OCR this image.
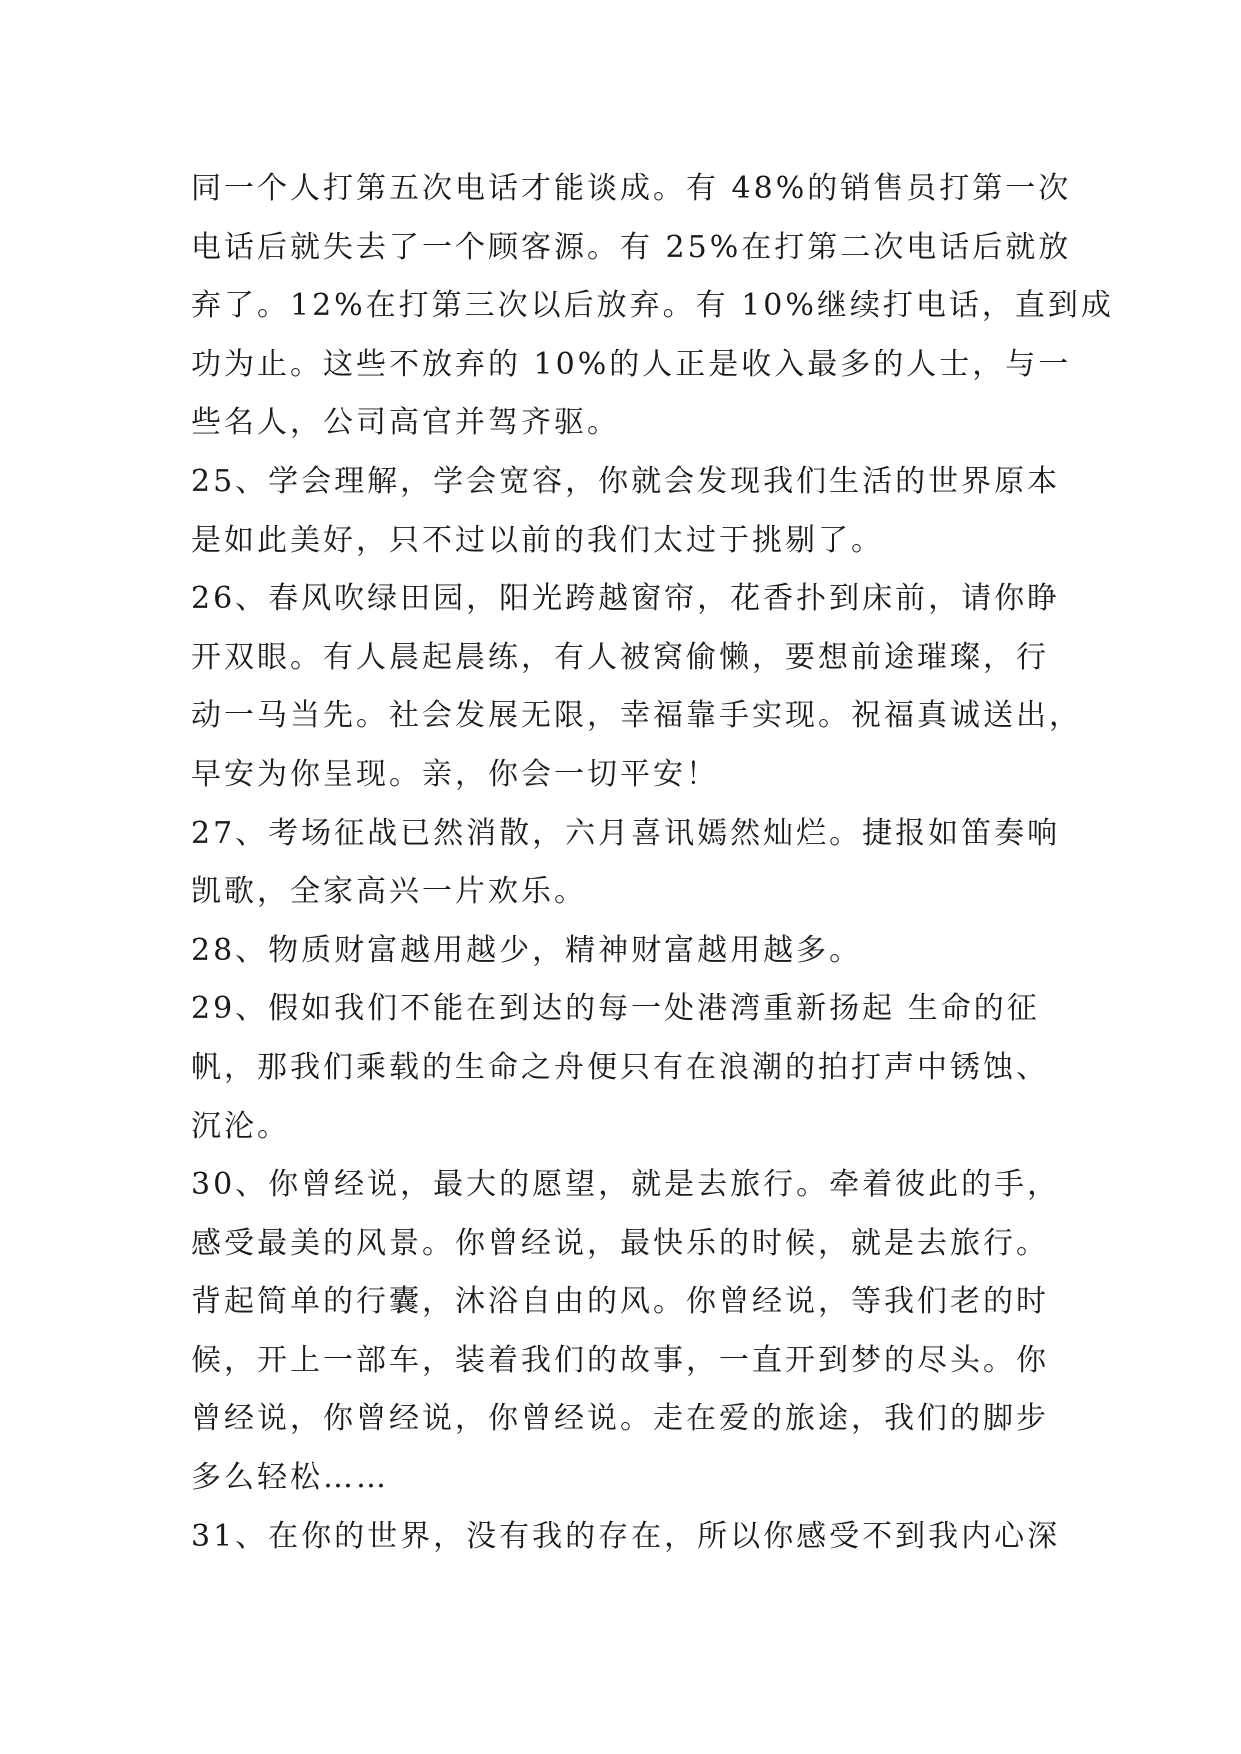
同一个人打第五次电话才能谈成。有 48%的销售员打第一次
电话后就失去了一个顾客源。有 25%在打第二次电话后就放
弃了。12%在打第三次以后放弃。有 10%继续打电话，直到成
功为止。这些不放弃的 10%的人正是收入最多的人士，与一
些名人，公司高官并驾齐驱。
25、学会理解，学会宽容，你就会发现我们生活的世界原本
是如此美好，只不过以前的我们太过于挑剔了。
26、春风吹绿田园，阳光跨越窗帘，花香扑到床前，请你睁
开双眼。有人晨起晨练，有人被窝偷懒，要想前途璀璨，行
动一马当先。社会发展无限，幸福靠手实现。祝福真诚送出，
早安为你呈现。亲，你会一切平安！
27、考场征战已然消散，六月喜讯嫣然灿烂。捷报如笛奏响
凯歌，全家高兴一片欢乐。
28、物质财富越用越少，精神财富越用越多。
29、假如我们不能在到达的每一处港湾重新扬起 生命的征
帆，那我们乘载的生命之舟便只有在浪潮的拍打声中锈蚀、
沉沦。
30、你曾经说，最大的愿望，就是去旅行。牵着彼此的手，
感受最美的风景。你曾经说，最快乐的时候，就是去旅行。
背起简单的行囊，沐浴自由的风。你曾经说，等我们老的时
候，开上一部车，装着我们的故事，一直开到梦的尽头。你
曾经说，你曾经说，你曾经说。走在爱的旅途，我们的脚步
多么轻松……
31、在你的世界，没有我的存在，所以你感受不到我内心深
